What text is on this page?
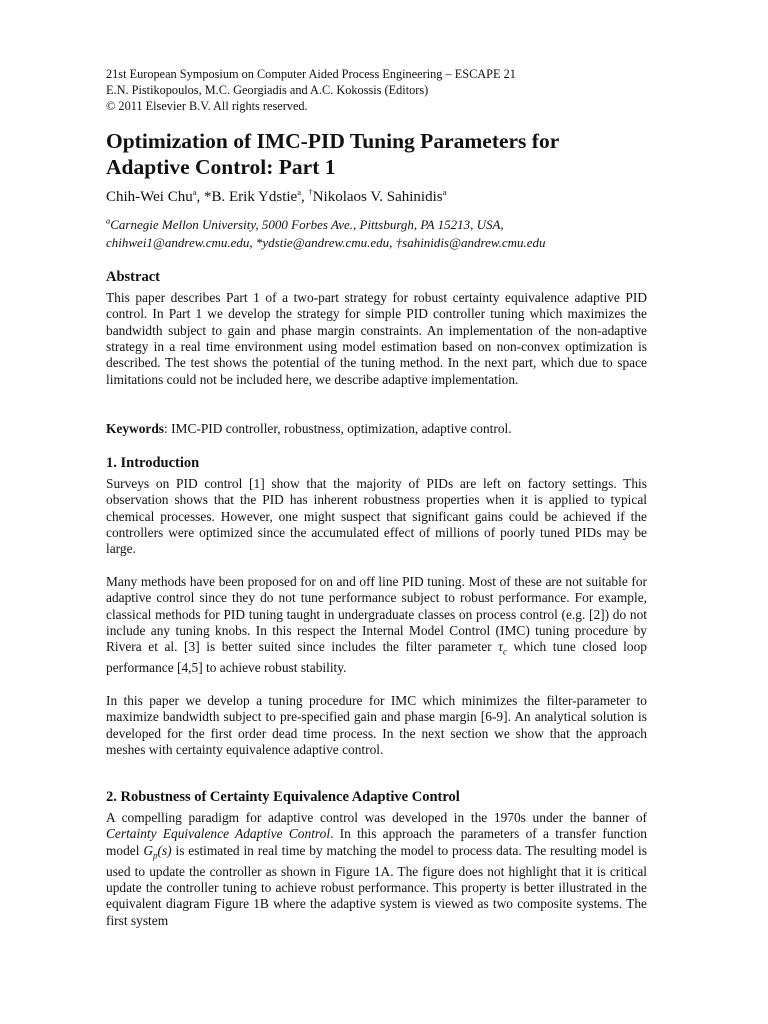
21st European Symposium on Computer Aided Process Engineering – ESCAPE 21
E.N. Pistikopoulos, M.C. Georgiadis and A.C. Kokossis (Editors)
© 2011 Elsevier B.V. All rights reserved.
Optimization of IMC-PID Tuning Parameters for
Adaptive Control: Part 1
Chih-Wei Chu$^a$, *B. Erik Ydstie$^a$, †Nikolaos V. Sahinidis$^a$
$^a$Carnegie Mellon University, 5000 Forbes Ave., Pittsburgh, PA 15213, USA,
chihwei1@andrew.cmu.edu, *ydstie@andrew.cmu.edu, †sahinidis@andrew.cmu.edu
Abstract

This paper describes Part 1 of a two-part strategy for robust certainty equivalence adaptive PID control. In Part 1 we develop the strategy for simple PID controller tuning which maximizes the bandwidth subject to gain and phase margin constraints. An implementation of the non-adaptive strategy in a real time environment using model estimation based on non-convex optimization is described. The test shows the potential of the tuning method. In the next part, which due to space limitations could not be included here, we describe adaptive implementation.

Keywords: IMC-PID controller, robustness, optimization, adaptive control.

1. Introduction

Surveys on PID control [1] show that the majority of PIDs are left on factory settings. This observation shows that the PID has inherent robustness properties when it is applied to typical chemical processes. However, one might suspect that significant gains could be achieved if the controllers were optimized since the accumulated effect of millions of poorly tuned PIDs may be large.

Many methods have been proposed for on and off line PID tuning. Most of these are not suitable for adaptive control since they do not tune performance subject to robust performance. For example, classical methods for PID tuning taught in undergraduate classes on process control (e.g. [2]) do not include any tuning knobs. In this respect the Internal Model Control (IMC) tuning procedure by Rivera et al. [3] is better suited since includes the filter parameter $\tau_c$ which tune closed loop performance [4,5] to achieve robust stability.

In this paper we develop a tuning procedure for IMC which minimizes the filter-parameter to maximize bandwidth subject to pre-specified gain and phase margin [6-9]. An analytical solution is developed for the first order dead time process. In the next section we show that the approach meshes with certainty equivalence adaptive control.

2. Robustness of Certainty Equivalence Adaptive Control

A compelling paradigm for adaptive control was developed in the 1970s under the banner of Certainty Equivalence Adaptive Control. In this approach the parameters of a transfer function model $G_p(s)$ is estimated in real time by matching the model to process data. The resulting model is used to update the controller as shown in Figure 1A. The figure does not highlight that it is critical update the controller tuning to achieve robust performance. This property is better illustrated in the equivalent diagram Figure 1B where the adaptive system is viewed as two composite systems. The first system
